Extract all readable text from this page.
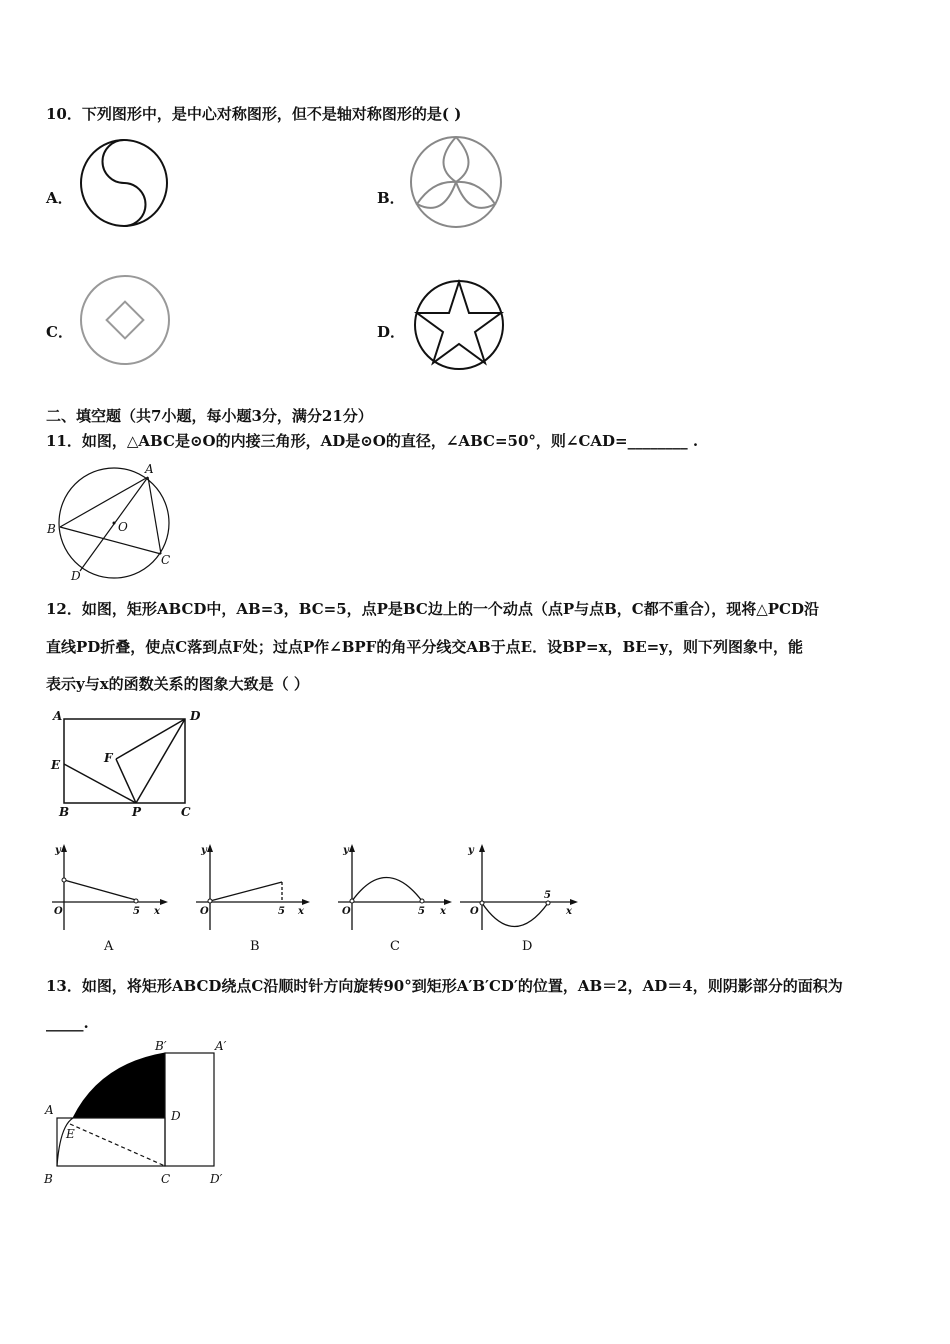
10．下列图形中，是中心对称图形，但不是轴对称图形的是( )
A．	B．
C．	D．
二、填空题（共7小题，每小题3分，满分21分）
11．如图，△ABC是⊙O的内接三角形，AD是⊙O的直径，∠ABC=50°，则∠CAD=________ .
A
B
C
D
O
12．如图，矩形ABCD中，AB=3，BC=5，点P是BC边上的一个动点（点P与点B，C都不重合），现将△PCD沿
直线PD折叠，使点C落到点F处；过点P作∠BPF的角平分线交AB于点E．设BP=x，BE=y，则下列图象中，能
表示y与x的函数关系的图象大致是（ ）
A	D
E	F
B	P	C
y
O	5 x
A
y
O	5 x
B
y
O	5 x
C
y
O
5
x
D
13．如图，将矩形ABCD绕点C沿顺时针方向旋转90°到矩形A′B′CD′的位置，AB＝2，AD＝4，则阴影部分的面积为
_____.
B′	A′
A	D
E
B	C	D′
